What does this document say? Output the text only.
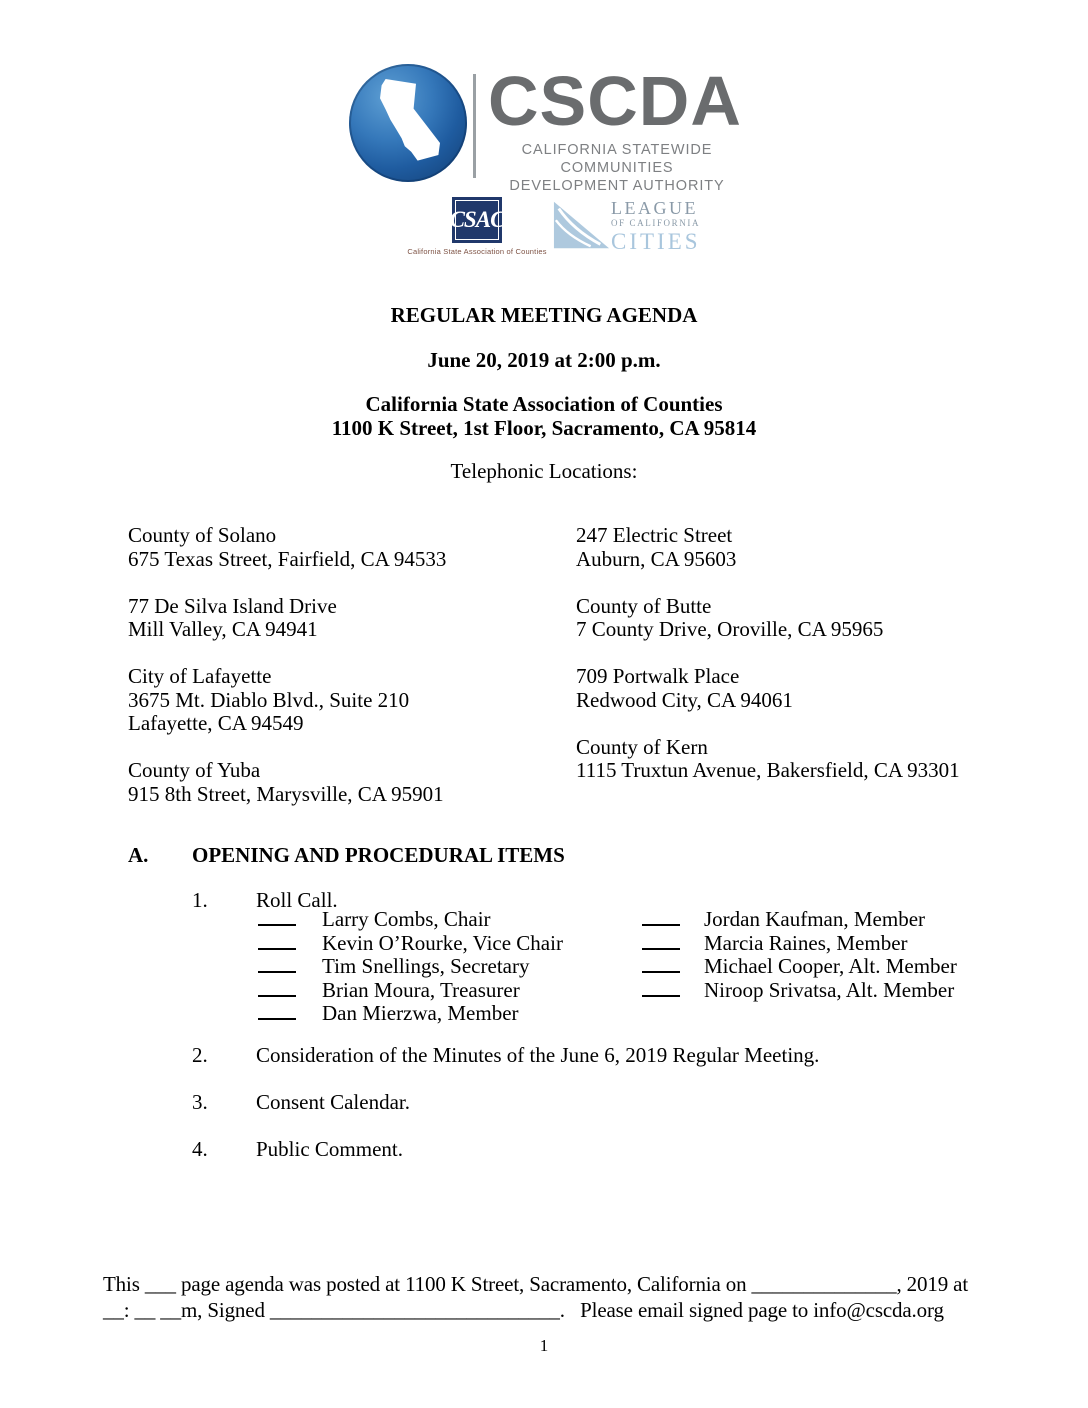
CSCDA
CALIFORNIA STATEWIDE COMMUNITIES
DEVELOPMENT AUTHORITY
CSAC
California State Association of Counties
LEAGUE
OF CALIFORNIA
CITIES
REGULAR MEETING AGENDA
June 20, 2019 at 2:00 p.m.
California State Association of Counties
1100 K Street, 1st Floor, Sacramento, CA 95814
Telephonic Locations:
County of Solano
675 Texas Street, Fairfield, CA 94533
77 De Silva Island Drive
Mill Valley, CA 94941
City of Lafayette
3675 Mt. Diablo Blvd., Suite 210
Lafayette, CA 94549
County of Yuba
915 8th Street, Marysville, CA 95901
247 Electric Street
Auburn, CA 95603
County of Butte
7 County Drive, Oroville, CA 95965
709 Portwalk Place
Redwood City, CA 94061
County of Kern
1115 Truxtun Avenue, Bakersfield, CA 93301
A. OPENING AND PROCEDURAL ITEMS
1. Roll Call.
Larry Combs, Chair
Kevin O’Rourke, Vice Chair
Tim Snellings, Secretary
Brian Moura, Treasurer
Dan Mierzwa, Member
Jordan Kaufman, Member
Marcia Raines, Member
Michael Cooper, Alt. Member
Niroop Srivatsa, Alt. Member
2. Consideration of the Minutes of the June 6, 2019 Regular Meeting.
3. Consent Calendar.
4. Public Comment.
This ___ page agenda was posted at 1100 K Street, Sacramento, California on ______________, 2019 at
__: __ __m, Signed ____________________________.   Please email signed page to info@cscda.org
1
